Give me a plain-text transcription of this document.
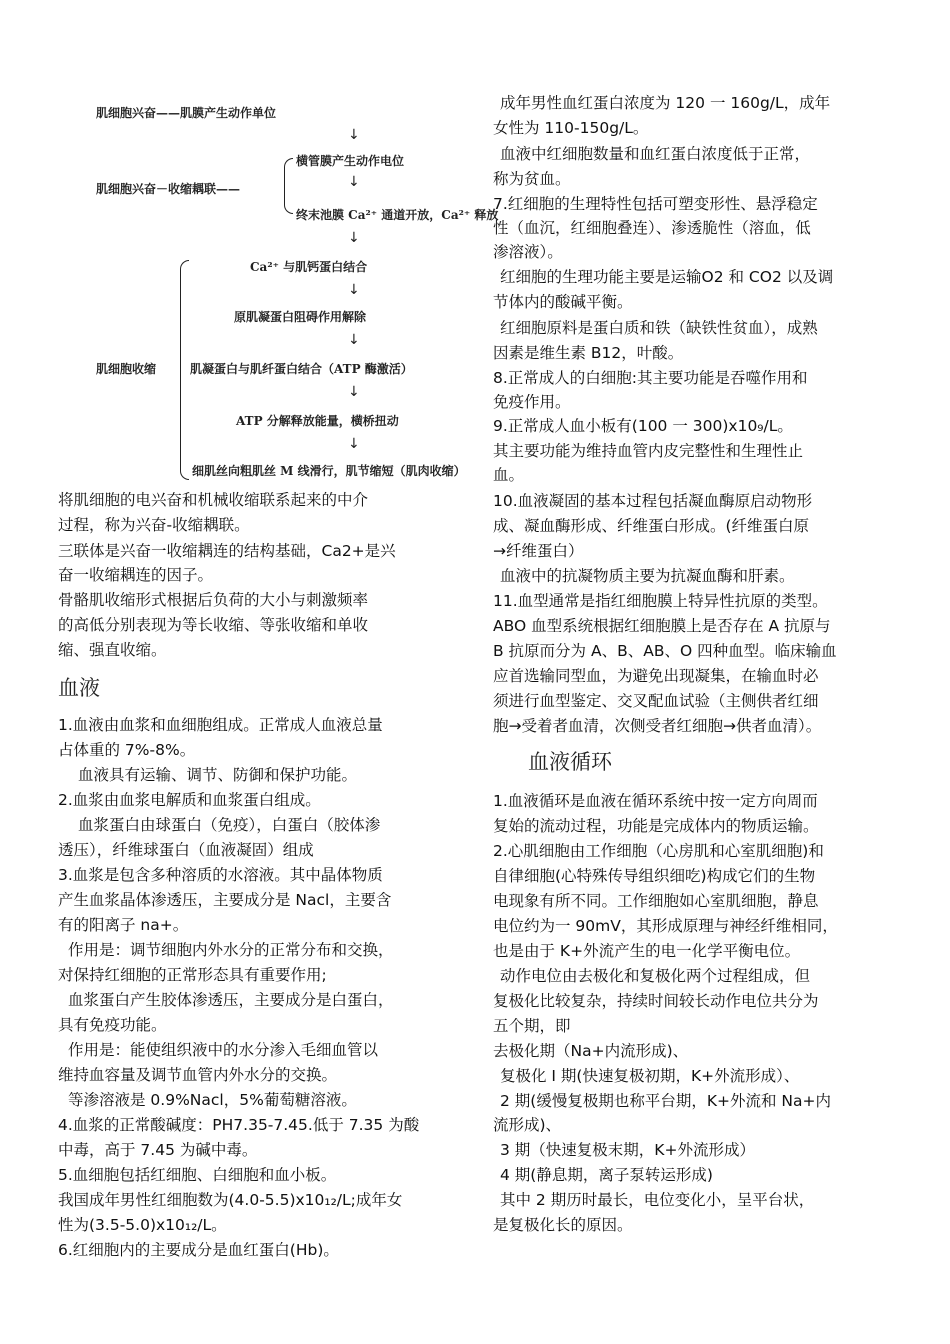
肌细胞兴奋——肌膜产生动作单位
↓
肌细胞兴奋－收缩耦联——
横管膜产生动作电位
↓
终末池膜 Ca²⁺ 通道开放，Ca²⁺ 释放
↓
肌细胞收缩
Ca²⁺ 与肌钙蛋白结合
↓
原肌凝蛋白阻碍作用解除
↓
肌凝蛋白与肌纤蛋白结合（ATP 酶激活）
↓
ATP 分解释放能量，横桥扭动
↓
细肌丝向粗肌丝 M 线滑行，肌节缩短（肌肉收缩）
将肌细胞的电兴奋和机械收缩联系起来的中介
过程，称为兴奋-收缩耦联。
三联体是兴奋一收缩耦连的结构基础，Ca2+是兴
奋一收缩耦连的因子。
骨骼肌收缩形式根据后负荷的大小与刺激频率
的高低分别表现为等长收缩、等张收缩和单收
缩、强直收缩。
血液
1.血液由血浆和血细胞组成。正常成人血液总量
占体重的 7%-8%。
血液具有运输、调节、防御和保护功能。
2.血浆由血浆电解质和血浆蛋白组成。
血浆蛋白由球蛋白（免疫），白蛋白（胶体渗
透压），纤维球蛋白（血液凝固）组成
3.血浆是包含多种溶质的水溶液。其中晶体物质
产生血浆晶体渗透压，主要成分是 Nacl，主要含
有的阳离子 na+。
作用是：调节细胞内外水分的正常分布和交换，
对保持红细胞的正常形态具有重要作用;
血浆蛋白产生胶体渗透压，主要成分是白蛋白，
具有免疫功能。
作用是：能使组织液中的水分渗入毛细血管以
维持血容量及调节血管内外水分的交换。
等渗溶液是 0.9%Nacl，5%葡萄糖溶液。
4.血浆的正常酸碱度：PH7.35-7.45.低于 7.35 为酸
中毒，高于 7.45 为碱中毒。
5.血细胞包括红细胞、白细胞和血小板。
我国成年男性红细胞数为(4.0-5.5)x10₁₂/L;成年女
性为(3.5-5.0)x10₁₂/L。
6.红细胞内的主要成分是血红蛋白(Hb)。
成年男性血红蛋白浓度为 120 一 160g/L，成年
女性为 110-150g/L。
血液中红细胞数量和血红蛋白浓度低于正常，
称为贫血。
7.红细胞的生理特性包括可塑变形性、悬浮稳定
性（血沉，红细胞叠连）、渗透脆性（溶血，低
渗溶液）。
红细胞的生理功能主要是运输O2 和 CO2 以及调
节体内的酸碱平衡。
红细胞原料是蛋白质和铁（缺铁性贫血），成熟
因素是维生素 B12，叶酸。
8.正常成人的白细胞:其主要功能是吞噬作用和
免疫作用。
9.正常成人血小板有(100 一 300)x10₉/L。
其主要功能为维持血管内皮完整性和生理性止
血。
10.血液凝固的基本过程包括凝血酶原启动物形
成、凝血酶形成、纤维蛋白形成。(纤维蛋白原
→纤维蛋白）
血液中的抗凝物质主要为抗凝血酶和肝素。
11.血型通常是指红细胞膜上特异性抗原的类型。
ABO 血型系统根据红细胞膜上是否存在 A 抗原与
B 抗原而分为 A、B、AB、O 四种血型。临床输血
应首选输同型血，为避免出现凝集，在输血时必
须进行血型鉴定、交叉配血试验（主侧供者红细
胞→受着者血清，次侧受者红细胞→供者血清）。
血液循环
1.血液循环是血液在循环系统中按一定方向周而
复始的流动过程，功能是完成体内的物质运输。
2.心肌细胞由工作细胞（心房肌和心室肌细胞)和
自律细胞(心特殊传导组织细吃)构成它们的生物
电现象有所不同。工作细胞如心室肌细胞，静息
电位约为一 90mV，其形成原理与神经纤维相同，
也是由于 K+外流产生的电一化学平衡电位。
动作电位由去极化和复极化两个过程组成，但
复极化比较复杂，持续时间较长动作电位共分为
五个期，即
去极化期（Na+内流形成)、
复极化 I 期(快速复极初期，K+外流形成）、
2 期(缓慢复极期也称平台期，K+外流和 Na+内
流形成)、
3 期（快速复极末期，K+外流形成）
4 期(静息期，离子泵转运形成)
其中 2 期历时最长，电位变化小，呈平台状，
是复极化长的原因。
